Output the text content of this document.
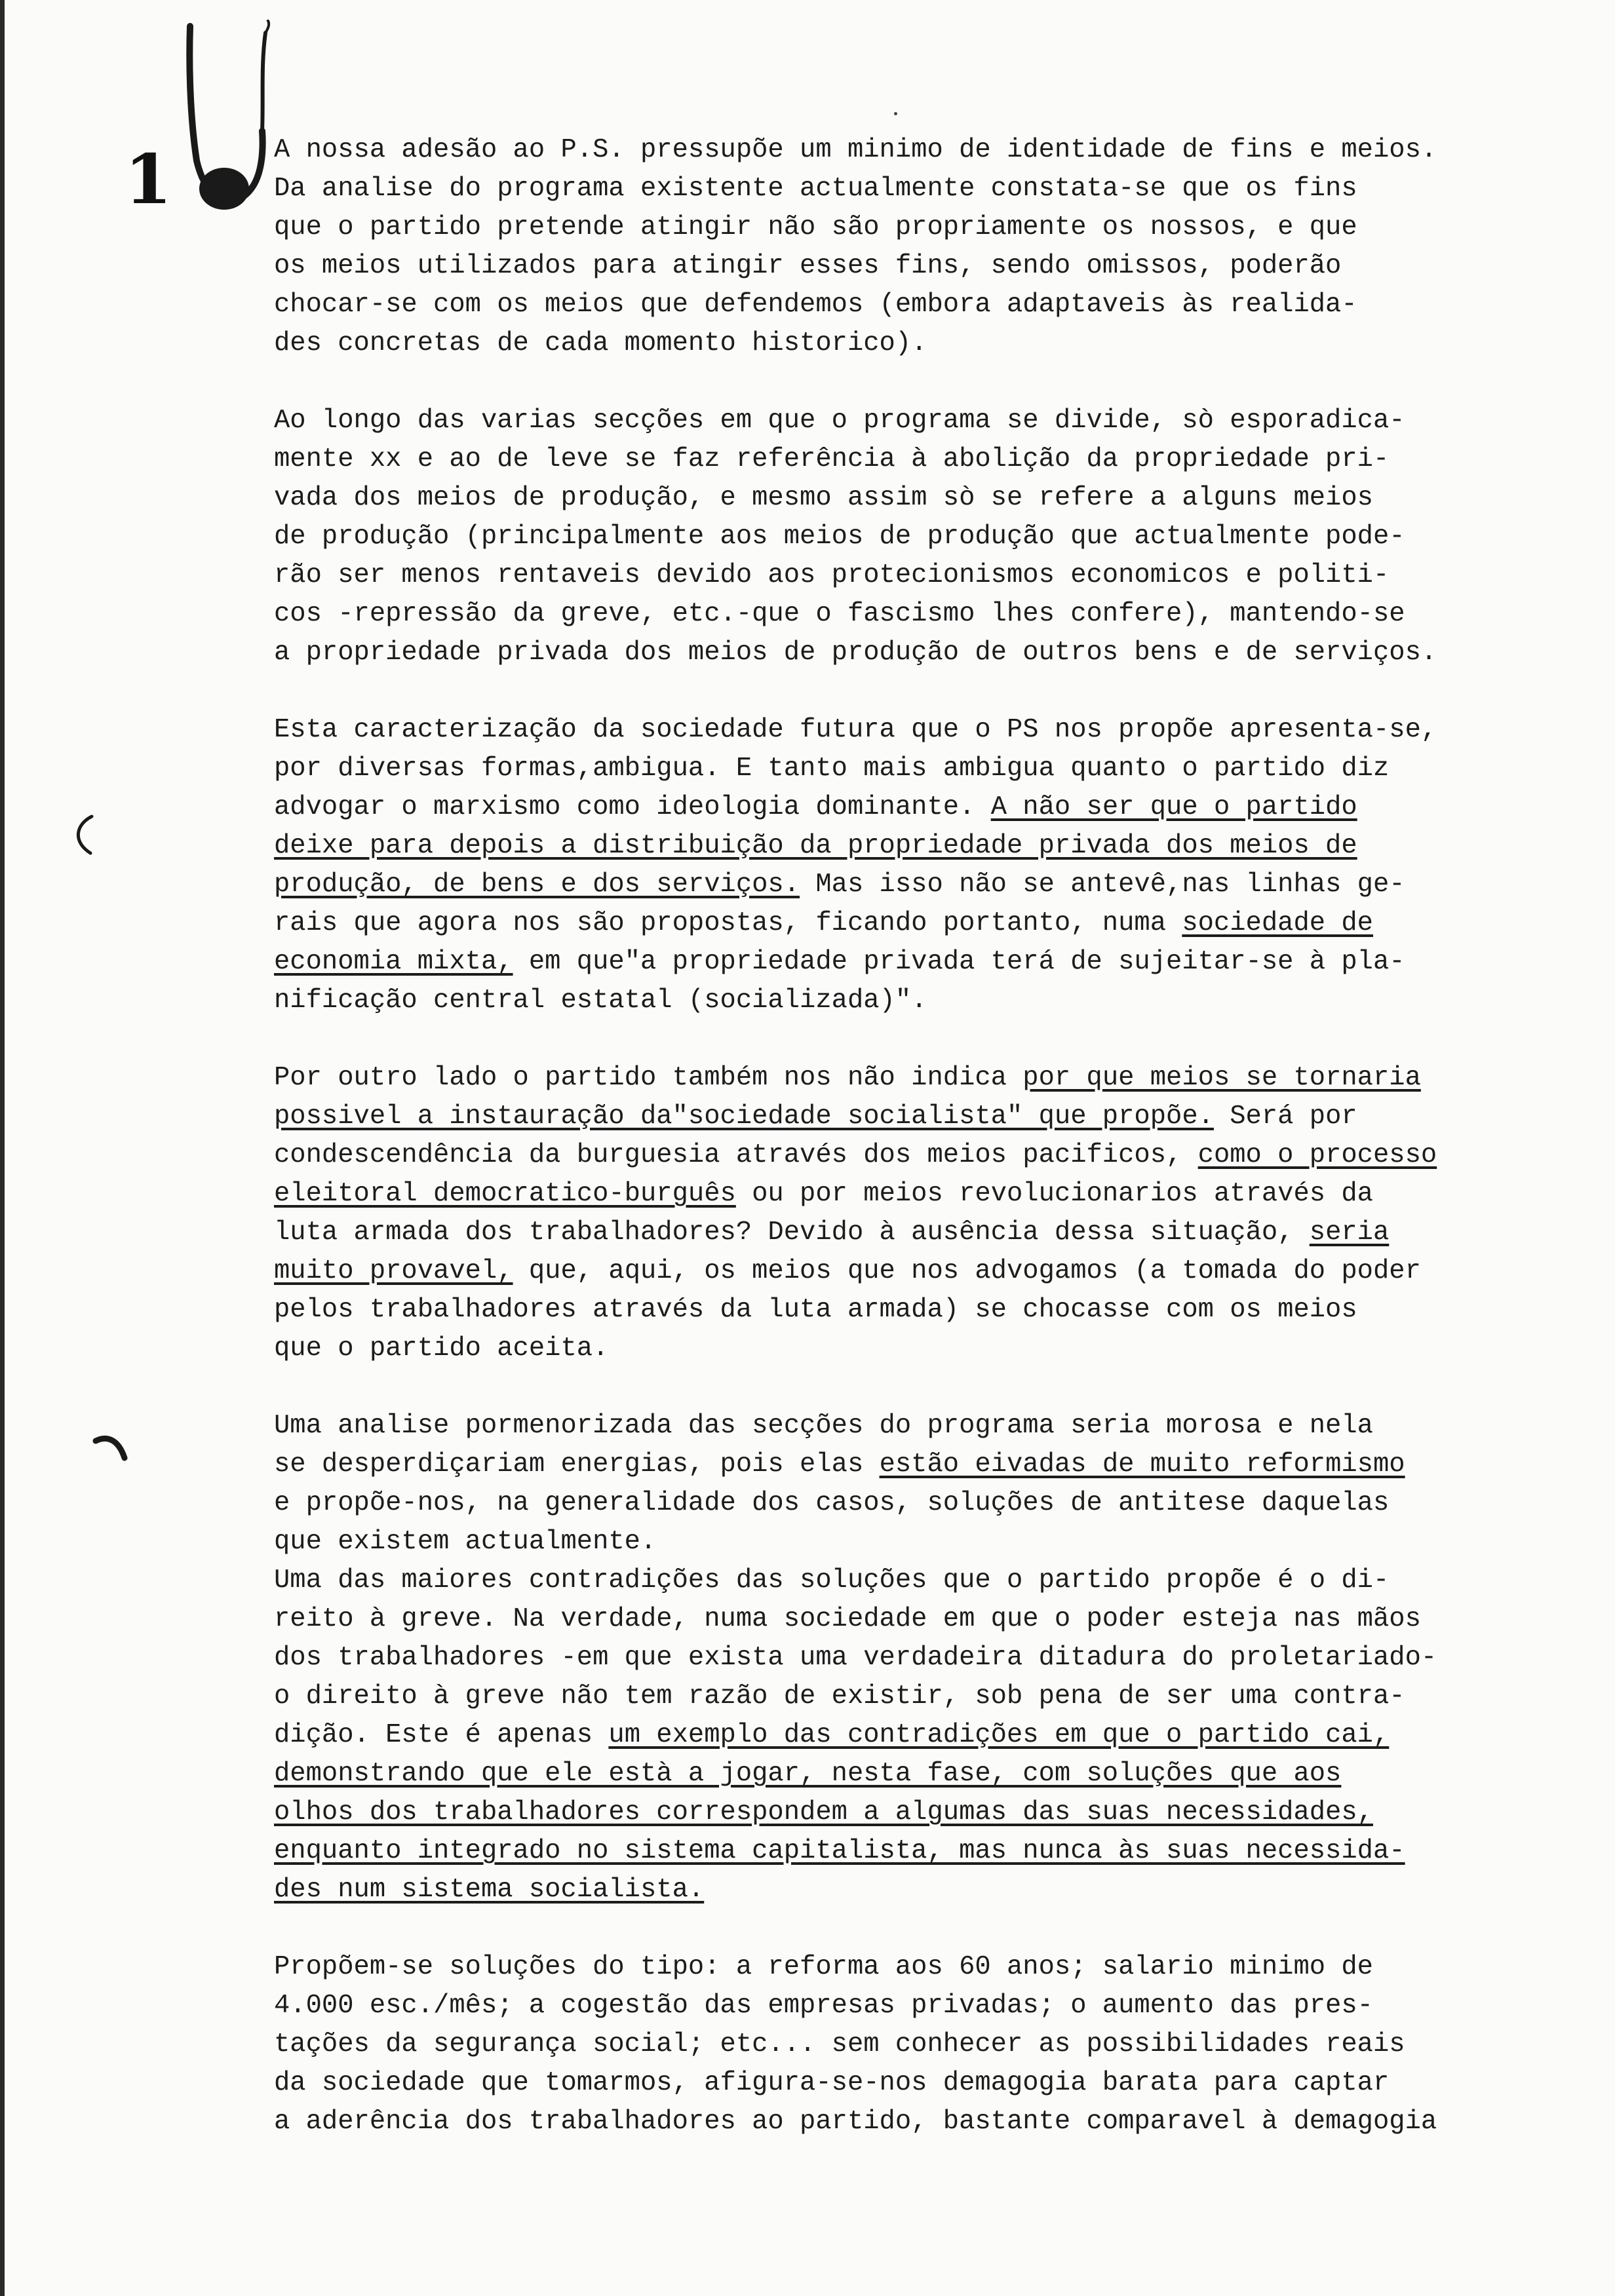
1	A nossa adesão ao P.S. pressupõe um minimo de identidade de fins e meios.
Da analise do programa existente actualmente constata-se que os fins
que o partido pretende atingir não são propriamente os nossos, e que
os meios utilizados para atingir esses fins, sendo omissos, poderão
chocar-se com os meios que defendemos (embora adaptaveis às realida-
des concretas de cada momento historico).
Ao longo das varias secções em que o programa se divide, sò esporadica-
mente xx e ao de leve se faz referência à abolição da propriedade pri-
vada dos meios de produção, e mesmo assim sò se refere a alguns meios
de produção (principalmente aos meios de produção que actualmente pode-
rão ser menos rentaveis devido aos protecionismos economicos e politi-
cos -repressão da greve, etc.-que o fascismo lhes confere), mantendo-se
a propriedade privada dos meios de produção de outros bens e de serviços.
Esta caracterização da sociedade futura que o PS nos propõe apresenta-se,
por diversas formas,ambigua. E tanto mais ambigua quanto o partido diz
advogar o marxismo como ideologia dominante. A não ser que o partido
deixe para depois a distribuição da propriedade privada dos meios de
produção, de bens e dos serviços. Mas isso não se antevê,nas linhas ge-
rais que agora nos são propostas, ficando portanto, numa sociedade de
economia mixta, em que"a propriedade privada terá de sujeitar-se à pla-
nificação central estatal (socializada)".
Por outro lado o partido também nos não indica por que meios se tornaria
possivel a instauração da"sociedade socialista" que propõe. Será por
condescendência da burguesia através dos meios pacificos, como o processo
eleitoral democratico-burguês ou por meios revolucionarios através da
luta armada dos trabalhadores? Devido à ausência dessa situação, seria
muito provavel, que, aqui, os meios que nos advogamos (a tomada do poder
pelos trabalhadores através da luta armada) se chocasse com os meios
que o partido aceita.
Uma analise pormenorizada das secções do programa seria morosa e nela
se desperdiçariam energias, pois elas estão eivadas de muito reformismo
e propõe-nos, na generalidade dos casos, soluções de antitese daquelas
que existem actualmente.
Uma das maiores contradições das soluções que o partido propõe é o di-
reito à greve. Na verdade, numa sociedade em que o poder esteja nas mãos
dos trabalhadores -em que exista uma verdadeira ditadura do proletariado-
o direito à greve não tem razão de existir, sob pena de ser uma contra-
dição. Este é apenas um exemplo das contradições em que o partido cai,
demonstrando que ele està a jogar, nesta fase, com soluções que aos
olhos dos trabalhadores correspondem a algumas das suas necessidades,
enquanto integrado no sistema capitalista, mas nunca às suas necessida-
des num sistema socialista.
Propõem-se soluções do tipo: a reforma aos 60 anos; salario minimo de
4.000 esc./mês; a cogestão das empresas privadas; o aumento das pres-
tações da segurança social; etc... sem conhecer as possibilidades reais
da sociedade que tomarmos, afigura-se-nos demagogia barata para captar
a aderência dos trabalhadores ao partido, bastante comparavel à demagogia
